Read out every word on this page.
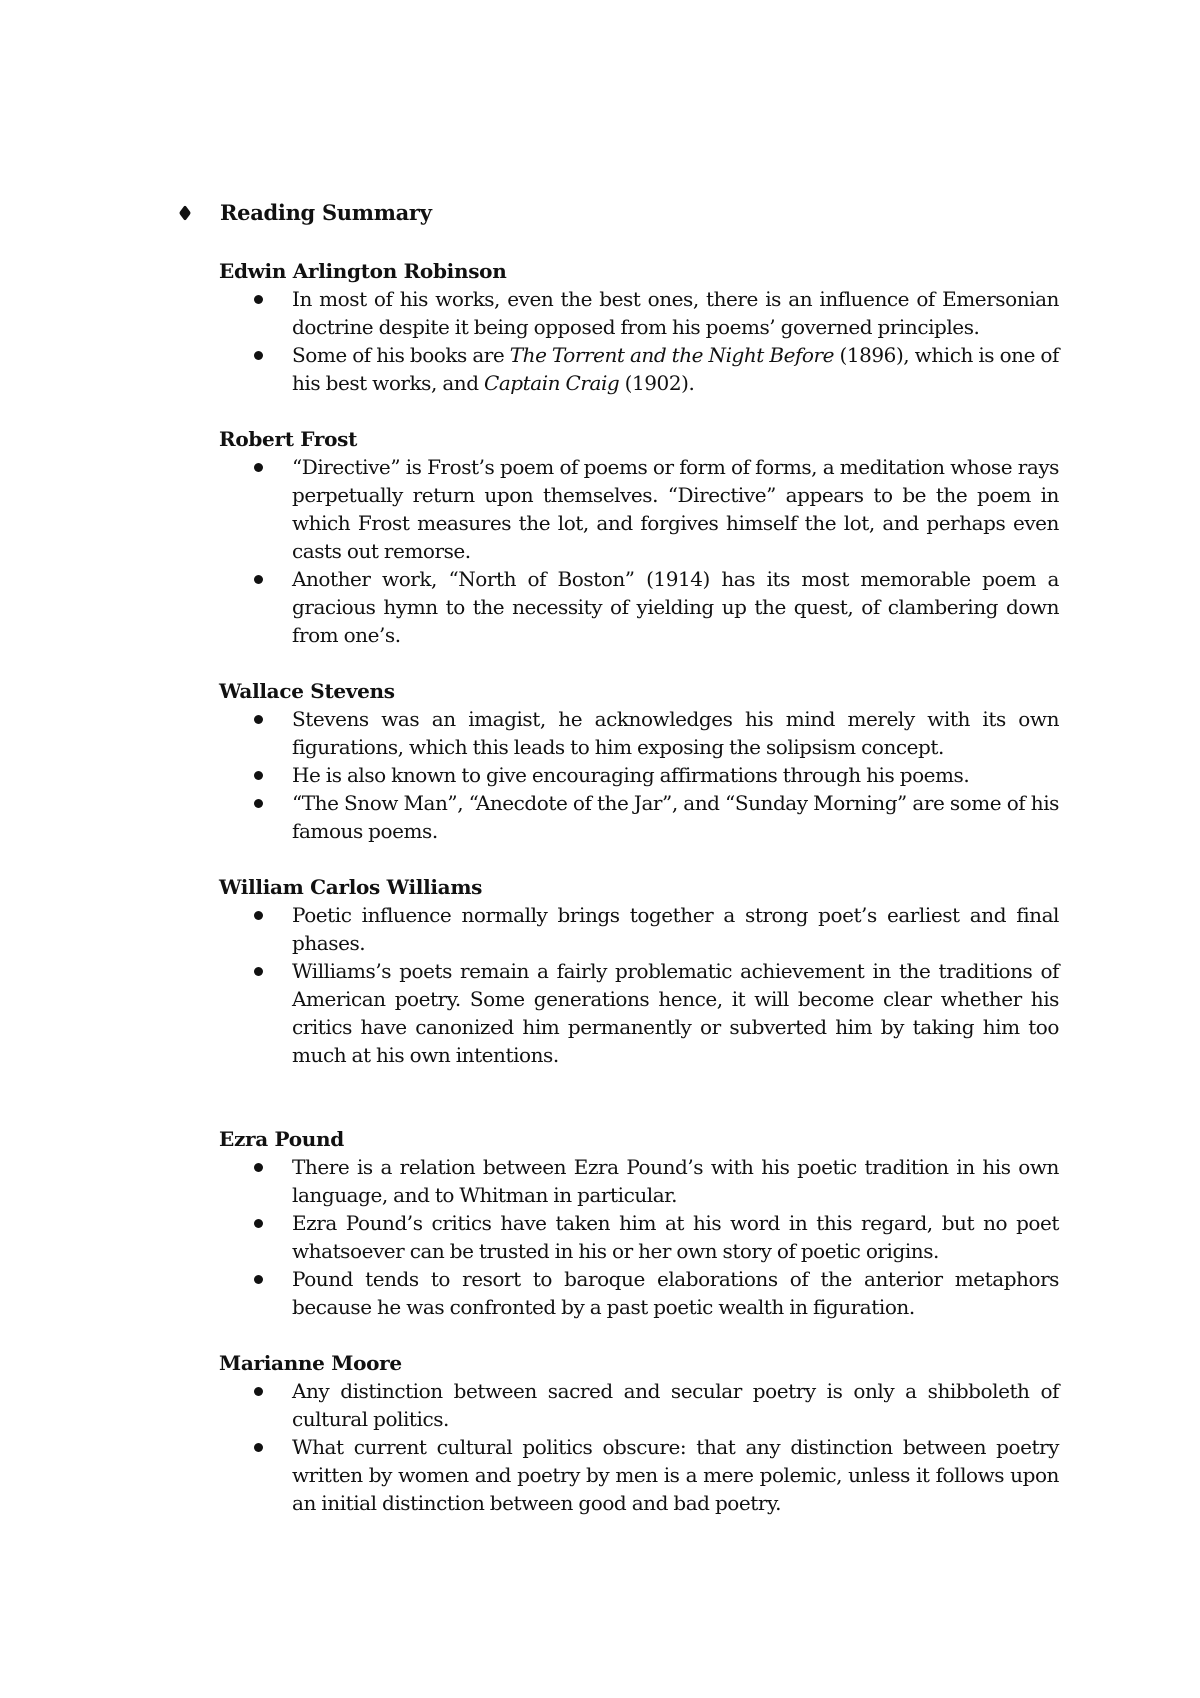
Reading Summary

Edwin Arlington Robinson

In most of his works, even the best ones, there is an influence of Emersonian doctrine despite it being opposed from his poems’ governed principles.
Some of his books are The Torrent and the Night Before (1896), which is one of his best works, and Captain Craig (1902).

Robert Frost

“Directive” is Frost’s poem of poems or form of forms, a meditation whose rays perpetually return upon themselves. “Directive” appears to be the poem in which Frost measures the lot, and forgives himself the lot, and perhaps even casts out remorse.
Another work, “North of Boston” (1914) has its most memorable poem a gracious hymn to the necessity of yielding up the quest, of clambering down from one’s.

Wallace Stevens

Stevens was an imagist, he acknowledges his mind merely with its own figurations, which this leads to him exposing the solipsism concept.
He is also known to give encouraging affirmations through his poems.
“The Snow Man”, “Anecdote of the Jar”, and “Sunday Morning” are some of his famous poems.

William Carlos Williams

Poetic influence normally brings together a strong poet’s earliest and final phases.
Williams’s poets remain a fairly problematic achievement in the traditions of American poetry. Some generations hence, it will become clear whether his critics have canonized him permanently or subverted him by taking him too much at his own intentions.

Ezra Pound

There is a relation between Ezra Pound’s with his poetic tradition in his own language, and to Whitman in particular.
Ezra Pound’s critics have taken him at his word in this regard, but no poet whatsoever can be trusted in his or her own story of poetic origins.
Pound tends to resort to baroque elaborations of the anterior metaphors because he was confronted by a past poetic wealth in figuration.

Marianne Moore

Any distinction between sacred and secular poetry is only a shibboleth of cultural politics.
What current cultural politics obscure: that any distinction between poetry written by women and poetry by men is a mere polemic, unless it follows upon an initial distinction between good and bad poetry.
